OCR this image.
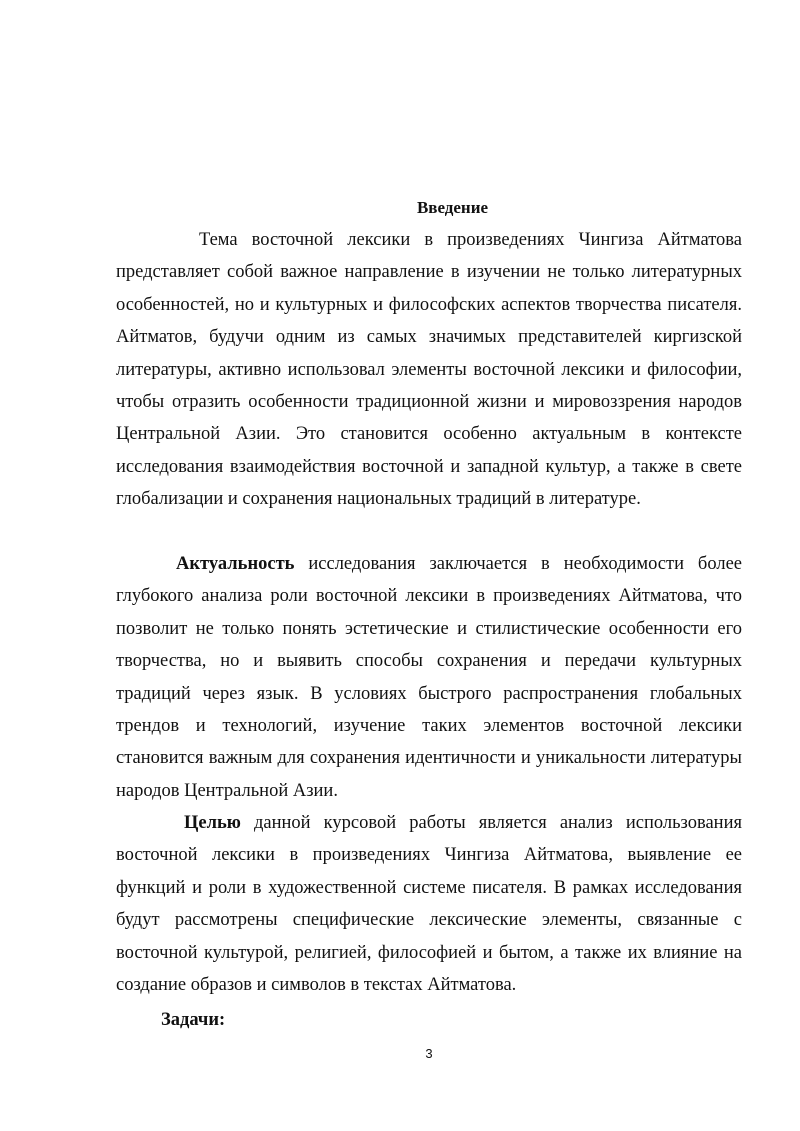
Введение

Тема восточной лексики в произведениях Чингиза Айтматова представляет собой важное направление в изучении не только литературных особенностей, но и культурных и философских аспектов творчества писателя. Айтматов, будучи одним из самых значимых представителей киргизской литературы, активно использовал элементы восточной лексики и философии, чтобы отразить особенности традиционной жизни и мировоззрения народов Центральной Азии. Это становится особенно актуальным в контексте исследования взаимодействия восточной и западной культур, а также в свете глобализации и сохранения национальных традиций в литературе.

Актуальность исследования заключается в необходимости более глубокого анализа роли восточной лексики в произведениях Айтматова, что позволит не только понять эстетические и стилистические особенности его творчества, но и выявить способы сохранения и передачи культурных традиций через язык. В условиях быстрого распространения глобальных трендов и технологий, изучение таких элементов восточной лексики становится важным для сохранения идентичности и уникальности литературы народов Центральной Азии.

Целью данной курсовой работы является анализ использования восточной лексики в произведениях Чингиза Айтматова, выявление ее функций и роли в художественной системе писателя. В рамках исследования будут рассмотрены специфические лексические элементы, связанные с восточной культурой, религией, философией и бытом, а также их влияние на создание образов и символов в текстах Айтматова.

Задачи:
3
